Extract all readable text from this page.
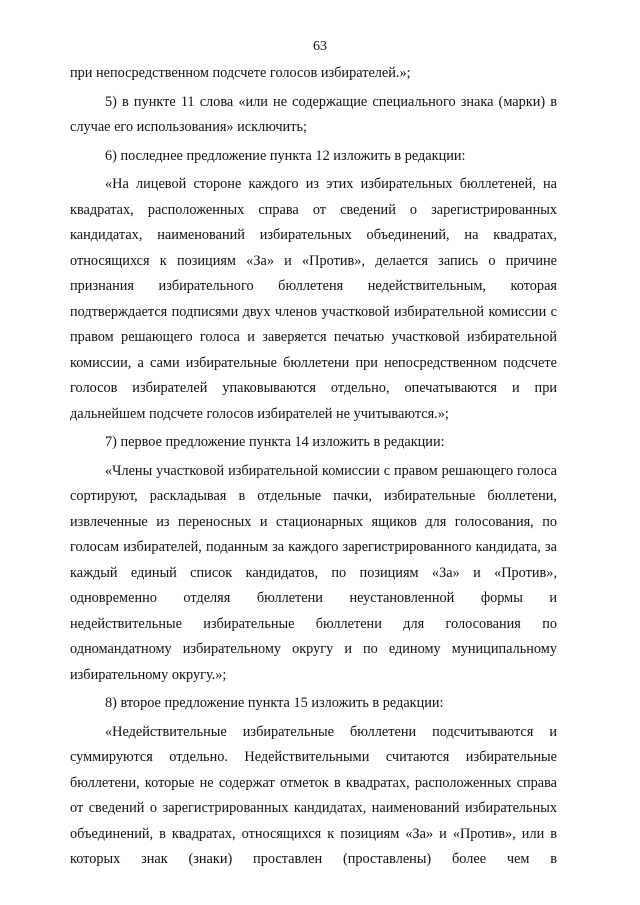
63
при непосредственном подсчете голосов избирателей.»;
5) в пункте 11 слова «или не содержащие специального знака (марки) в случае его использования» исключить;
6) последнее предложение пункта 12 изложить в редакции:
«На лицевой стороне каждого из этих избирательных бюллетеней, на квадратах, расположенных справа от сведений о зарегистрированных кандидатах, наименований избирательных объединений, на квадратах, относящихся к позициям «За» и «Против», делается запись о причине признания избирательного бюллетеня недействительным, которая подтверждается подписями двух членов участковой избирательной комиссии с правом решающего голоса и заверяется печатью участковой избирательной комиссии, а сами избирательные бюллетени при непосредственном подсчете голосов избирателей упаковываются отдельно, опечатываются и при дальнейшем подсчете голосов избирателей не учитываются.»;
7) первое предложение пункта 14 изложить в редакции:
«Члены участковой избирательной комиссии с правом решающего голоса сортируют, раскладывая в отдельные пачки, избирательные бюллетени, извлеченные из переносных и стационарных ящиков для голосования, по голосам избирателей, поданным за каждого зарегистрированного кандидата, за каждый единый список кандидатов, по позициям «За» и «Против», одновременно отделяя бюллетени неустановленной формы и недействительные избирательные бюллетени для голосования по одномандатному избирательному округу и по единому муниципальному избирательному округу.»;
8) второе предложение пункта 15 изложить в редакции:
«Недействительные избирательные бюллетени подсчитываются и суммируются отдельно. Недействительными считаются избирательные бюллетени, которые не содержат отметок в квадратах, расположенных справа от сведений о зарегистрированных кандидатах, наименований избирательных объединений, в квадратах, относящихся к позициям «За» и «Против», или в которых знак (знаки) проставлен (проставлены) более чем в
